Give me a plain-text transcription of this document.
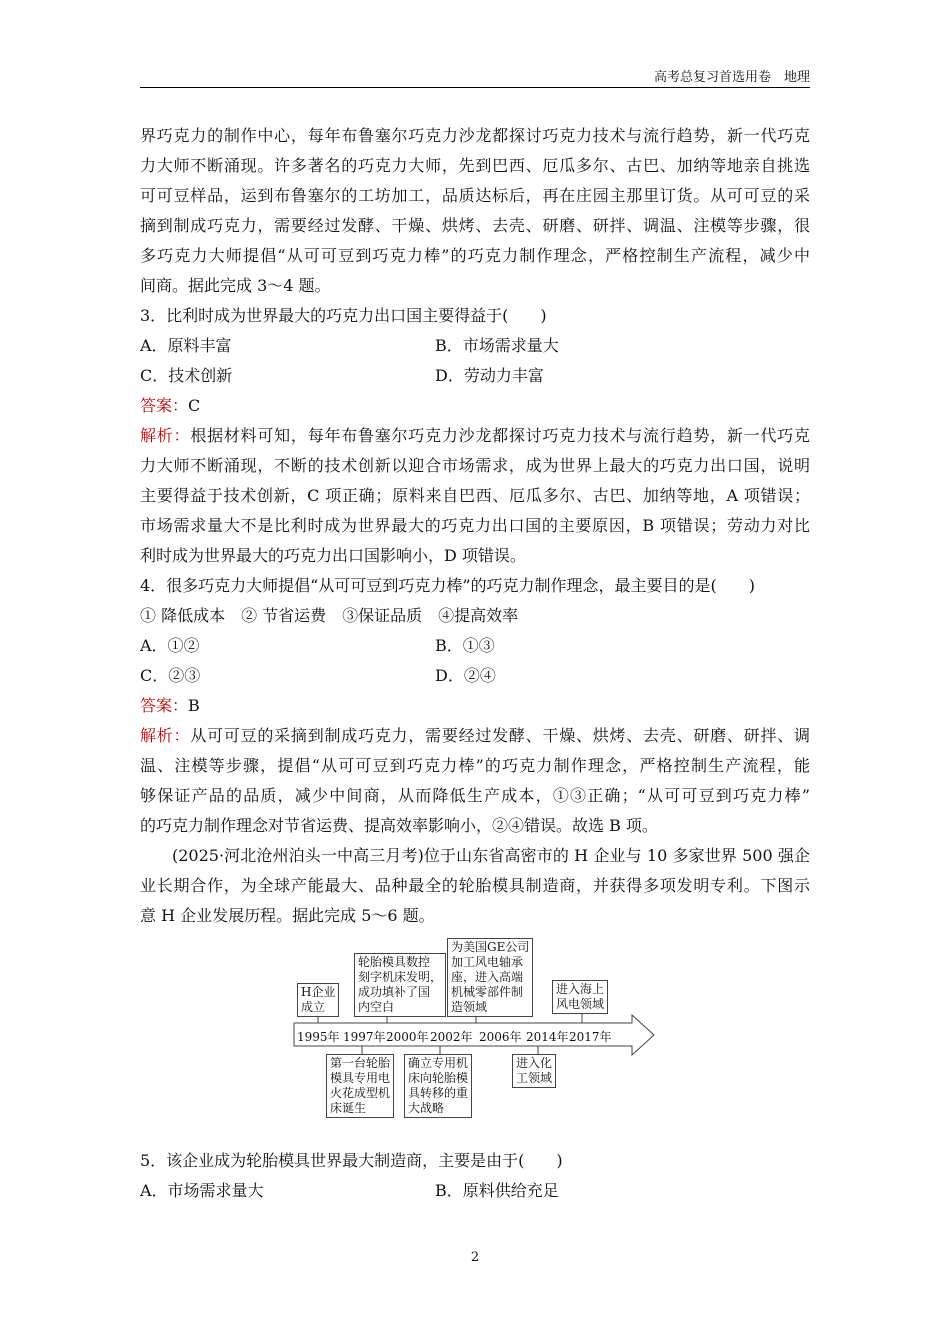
高考总复习首选用卷　地理
界巧克力的制作中心，每年布鲁塞尔巧克力沙龙都探讨巧克力技术与流行趋势，新一代巧克
力大师不断涌现。许多著名的巧克力大师，先到巴西、厄瓜多尔、古巴、加纳等地亲自挑选
可可豆样品，运到布鲁塞尔的工坊加工，品质达标后，再在庄园主那里订货。从可可豆的采
摘到制成巧克力，需要经过发酵、干燥、烘烤、去壳、研磨、研拌、调温、注模等步骤，很
多巧克力大师提倡“从可可豆到巧克力棒”的巧克力制作理念，严格控制生产流程，减少中
间商。据此完成 3～4 题。
3．比利时成为世界最大的巧克力出口国主要得益于(　　)
A．原料丰富	B．市场需求量大
C．技术创新	D．劳动力丰富
答案：C
解析：根据材料可知，每年布鲁塞尔巧克力沙龙都探讨巧克力技术与流行趋势，新一代巧克
力大师不断涌现，不断的技术创新以迎合市场需求，成为世界上最大的巧克力出口国，说明
主要得益于技术创新，C 项正确；原料来自巴西、厄瓜多尔、古巴、加纳等地，A 项错误；
市场需求量大不是比利时成为世界最大的巧克力出口国的主要原因，B 项错误；劳动力对比
利时成为世界最大的巧克力出口国影响小，D 项错误。
4．很多巧克力大师提倡“从可可豆到巧克力棒”的巧克力制作理念，最主要目的是(　　)
① 降低成本　② 节省运费　③保证品质　④提高效率
A．①②	B．①③
C．②③	D．②④
答案：B
解析：从可可豆的采摘到制成巧克力，需要经过发酵、干燥、烘烤、去壳、研磨、研拌、调
温、注模等步骤，提倡“从可可豆到巧克力棒”的巧克力制作理念，严格控制生产流程，能
够保证产品的品质，减少中间商，从而降低生产成本，①③正确；“从可可豆到巧克力棒”
的巧克力制作理念对节省运费、提高效率影响小，②④错误。故选 B 项。
(2025·河北沧州泊头一中高三月考)位于山东省高密市的 H 企业与 10 多家世界 500 强企
业长期合作，为全球产能最大、品种最全的轮胎模具制造商，并获得多项发明专利。下图示
意 H 企业发展历程。据此完成 5～6 题。
1995年 1997年 2000年 2002年 2006年 2014年 2017年
H企业
成立
轮胎模具数控
刻字机床发明，
成功填补了国
内空白
为美国GE公司
加工风电轴承
座，进入高端
机械零部件制
造领域
进入海上
风电领域
第一台轮胎
模具专用电
火花成型机
床诞生
确立专用机
床向轮胎模
具转移的重
大战略
进入化
工领域
5．该企业成为轮胎模具世界最大制造商，主要是由于(　　)
A．市场需求量大	B．原料供给充足
2
